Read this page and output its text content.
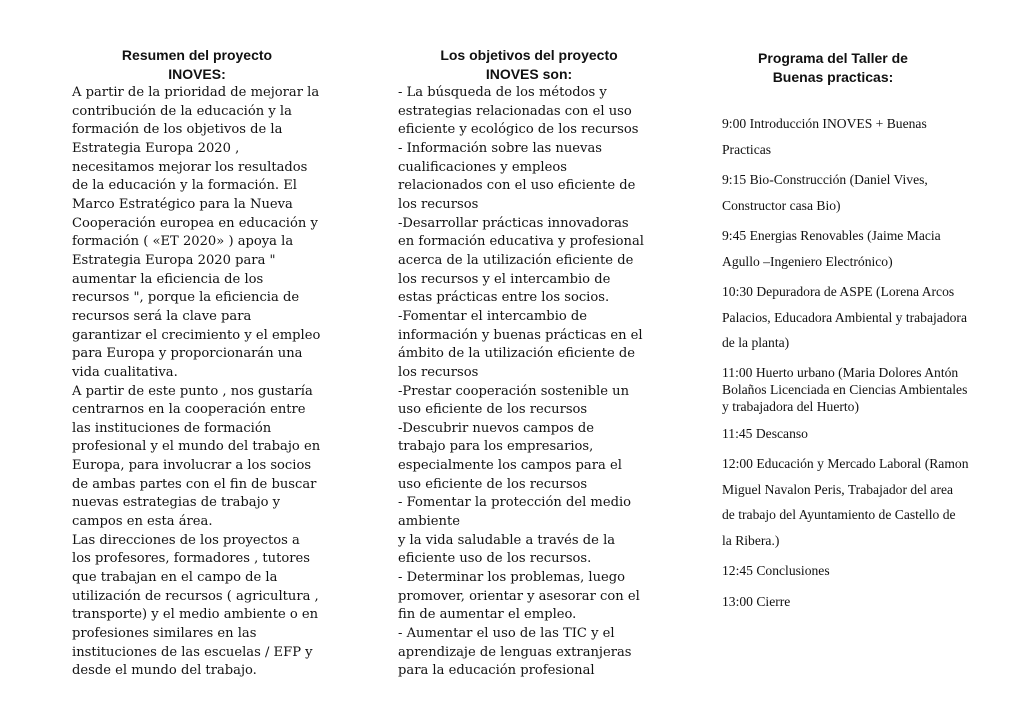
Resumen del proyecto
INOVES:

A partir de la prioridad de mejorar la
contribución de la educación y la
formación de los objetivos de la
Estrategia Europa 2020 ,
necesitamos mejorar los resultados
de la educación y la formación. El
Marco Estratégico para la Nueva
Cooperación europea en educación y
formación ( «ET 2020» ) apoya la
Estrategia Europa 2020 para "
aumentar la eficiencia de los
recursos ", porque la eficiencia de
recursos será la clave para
garantizar el crecimiento y el empleo
para Europa y proporcionarán una
vida cualitativa.
A partir de este punto , nos gustaría
centrarnos en la cooperación entre
las instituciones de formación
profesional y el mundo del trabajo en
Europa, para involucrar a los socios
de ambas partes con el fin de buscar
nuevas estrategias de trabajo y
campos en esta área.
Las direcciones de los proyectos a
los profesores, formadores , tutores
que trabajan en el campo de la
utilización de recursos ( agricultura ,
transporte) y el medio ambiente o en
profesiones similares en las
instituciones de las escuelas / EFP y
desde el mundo del trabajo.

Los objetivos del proyecto
INOVES son:

- La búsqueda de los métodos y
estrategias relacionadas con el uso
eficiente y ecológico de los recursos
- Información sobre las nuevas
cualificaciones y empleos
relacionados con el uso eficiente de
los recursos
-Desarrollar prácticas innovadoras
en formación educativa y profesional
acerca de la utilización eficiente de
los recursos y el intercambio de
estas prácticas entre los socios.
-Fomentar el intercambio de
información y buenas prácticas en el
ámbito de la utilización eficiente de
los recursos
-Prestar cooperación sostenible un
uso eficiente de los recursos
-Descubrir nuevos campos de
trabajo para los empresarios,
especialmente los campos para el
uso eficiente de los recursos
- Fomentar la protección del medio
ambiente
y la vida saludable a través de la
eficiente uso de los recursos.
- Determinar los problemas, luego
promover, orientar y asesorar con el
fin de aumentar el empleo.
- Aumentar el uso de las TIC y el
aprendizaje de lenguas extranjeras
para la educación profesional

Programa del Taller de
Buenas practicas:
9:00 Introducción INOVES + Buenas
Practicas
9:15 Bio-Construcción (Daniel Vives,
Constructor casa Bio)
9:45 Energias Renovables (Jaime Macia
Agullo –Ingeniero Electrónico)
10:30 Depuradora de ASPE (Lorena Arcos
Palacios, Educadora Ambiental y trabajadora
de la planta)
11:00 Huerto urbano (Maria Dolores Antón
Bolaños Licenciada en Ciencias Ambientales
y trabajadora del Huerto)
11:45 Descanso
12:00 Educación y Mercado Laboral (Ramon
Miguel Navalon Peris, Trabajador del area
de trabajo del Ayuntamiento de Castello de
la Ribera.)
12:45 Conclusiones
13:00 Cierre
